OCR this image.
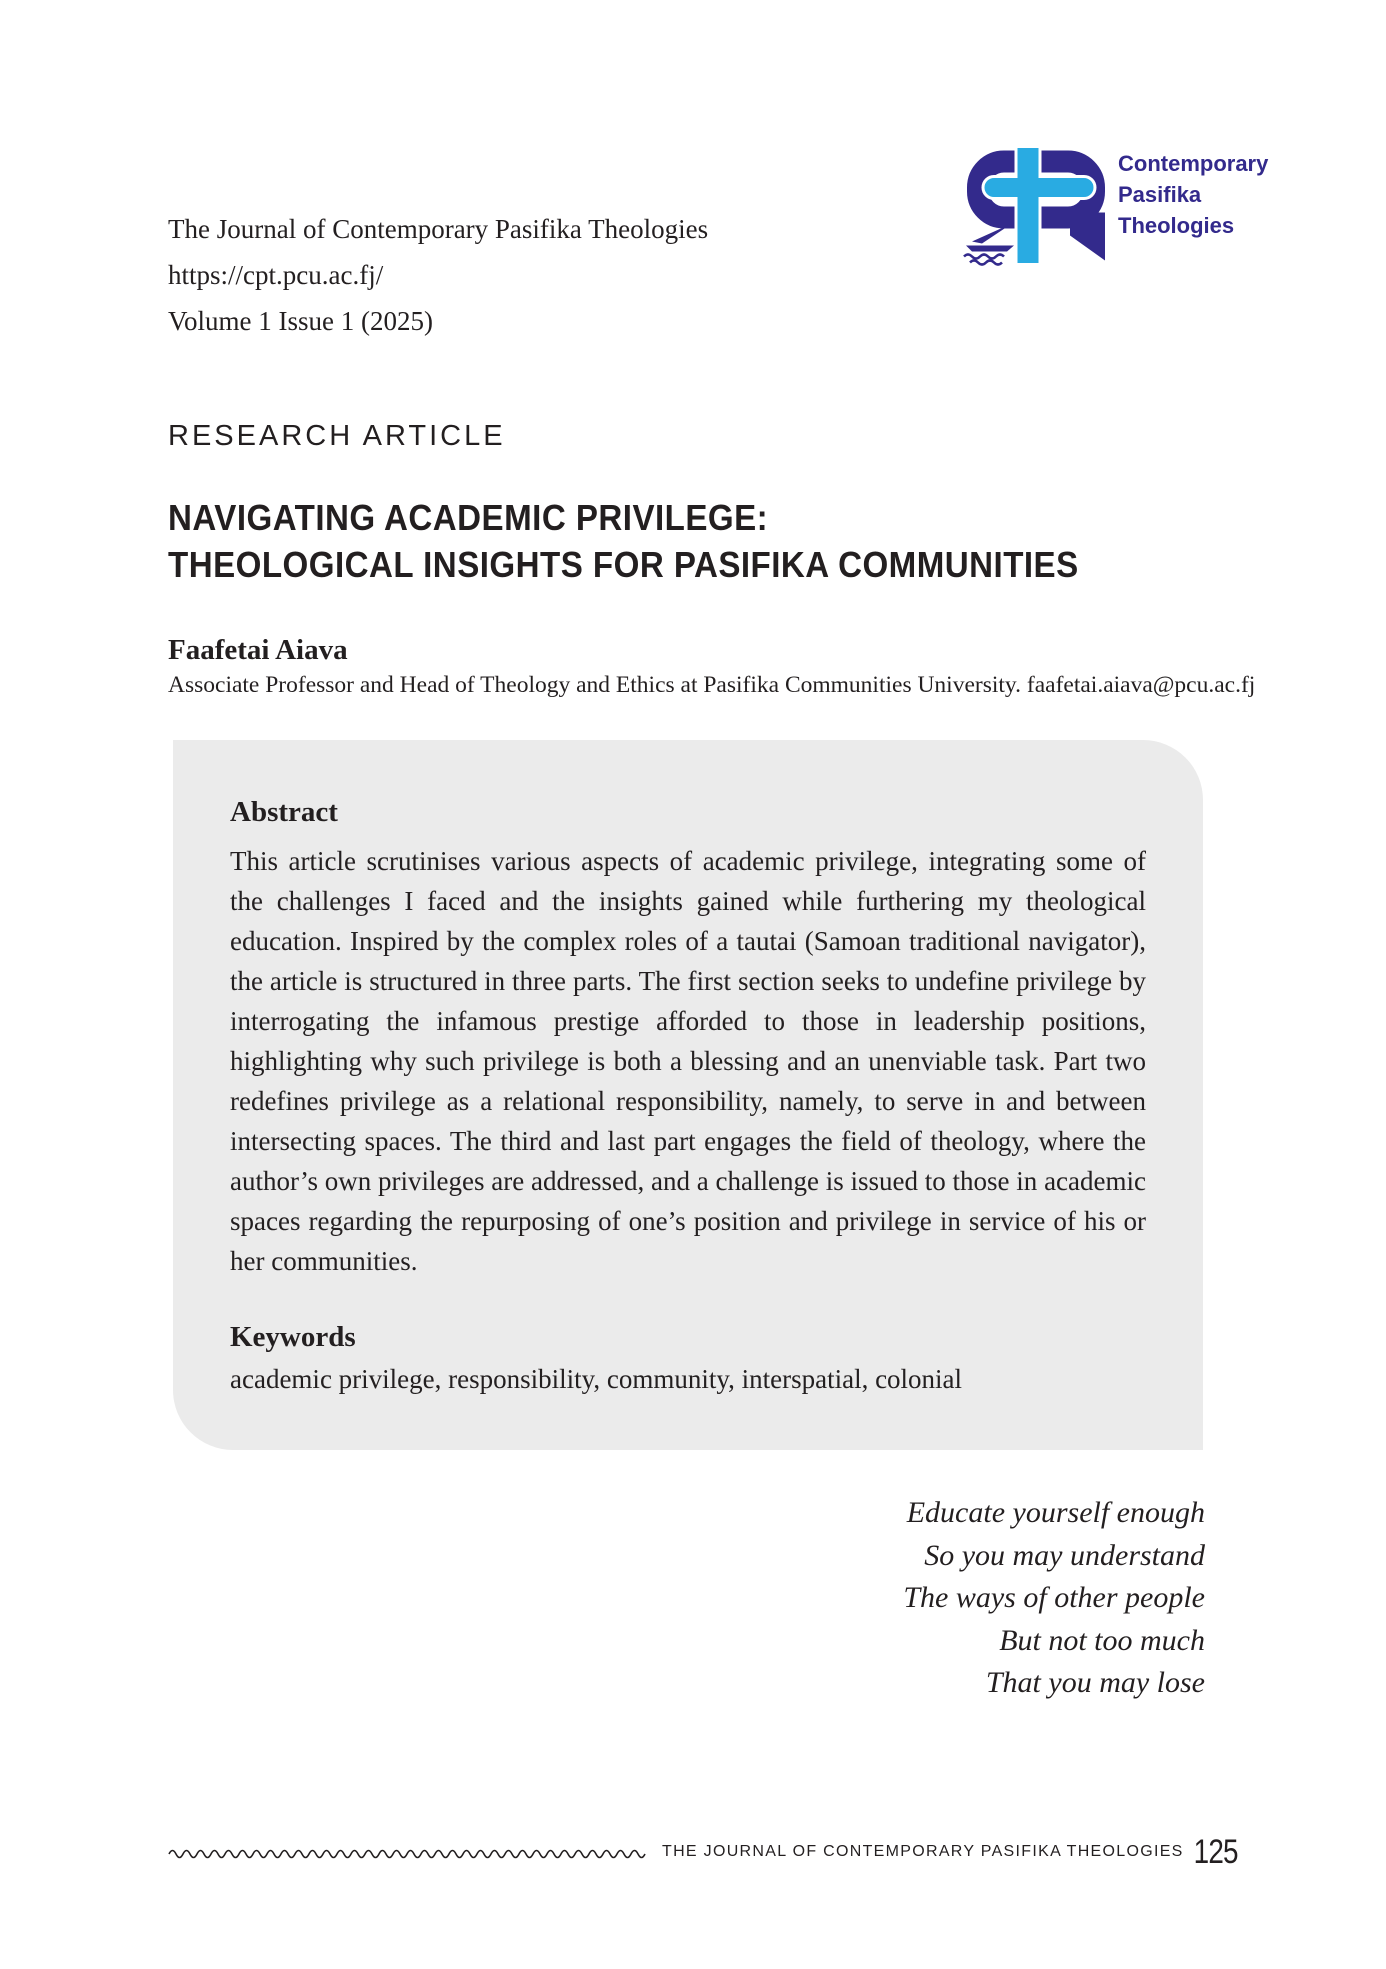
The Journal of Contemporary Pasifika Theologies
https://cpt.pcu.ac.fj/
Volume 1 Issue 1 (2025)
Contemporary
Pasifika
Theologies
RESEARCH ARTICLE
NAVIGATING ACADEMIC PRIVILEGE:
THEOLOGICAL INSIGHTS FOR PASIFIKA COMMUNITIES
Faafetai Aiava
Associate Professor and Head of Theology and Ethics at Pasifika Communities University. faafetai.aiava@pcu.ac.fj
Abstract
This article scrutinises various aspects of academic privilege, integrating some of the challenges I faced and the insights gained while furthering my theological education. Inspired by the complex roles of a tautai (Samoan traditional navigator), the article is structured in three parts. The first section seeks to undefine privilege by interrogating the infamous prestige afforded to those in leadership positions, highlighting why such privilege is both a blessing and an unenviable task. Part two redefines privilege as a relational responsibility, namely, to serve in and between intersecting spaces. The third and last part engages the field of theology, where the author’s own privileges are addressed, and a challenge is issued to those in academic spaces regarding the repurposing of one’s position and privilege in service of his or her communities.
Keywords
academic privilege, responsibility, community, interspatial, colonial
Educate yourself enough
So you may understand
The ways of other people
But not too much
That you may lose
THE JOURNAL OF CONTEMPORARY PASIFIKA THEOLOGIES 125
